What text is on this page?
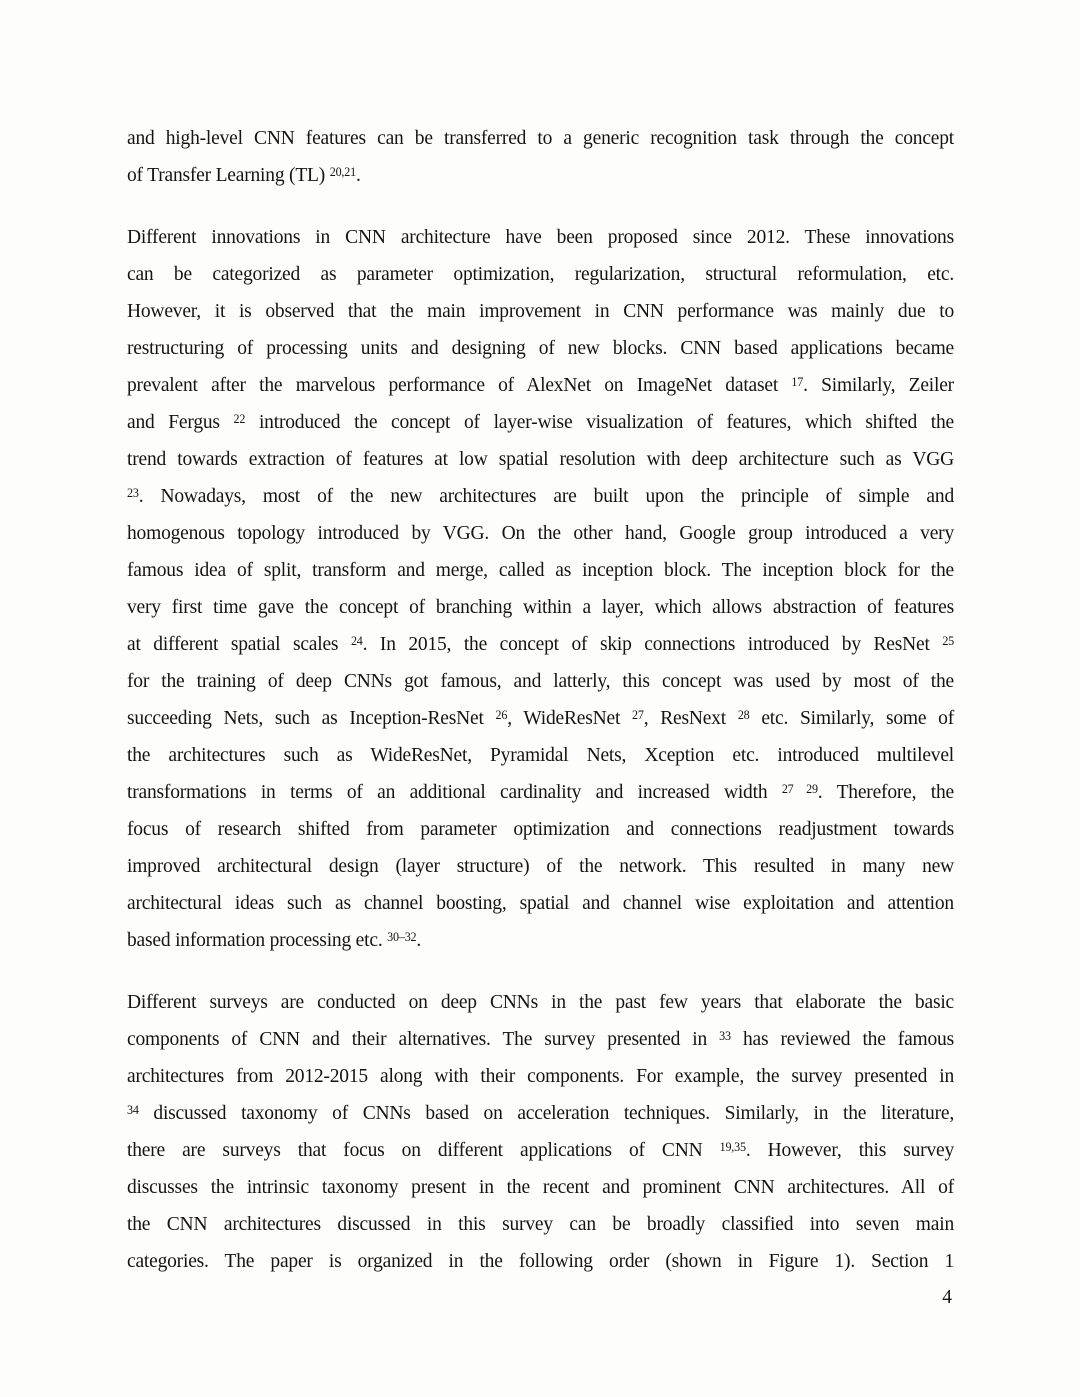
and high-level CNN features can be transferred to a generic recognition task through the concept
of Transfer Learning (TL) $^{20,21}$.
Different innovations in CNN architecture have been proposed since 2012. These innovations
can be categorized as parameter optimization, regularization, structural reformulation, etc.
However, it is observed that the main improvement in CNN performance was mainly due to
restructuring of processing units and designing of new blocks. CNN based applications became
prevalent after the marvelous performance of AlexNet on ImageNet dataset $^{17}$. Similarly, Zeiler
and Fergus $^{22}$ introduced the concept of layer-wise visualization of features, which shifted the
trend towards extraction of features at low spatial resolution with deep architecture such as VGG
$^{23}$. Nowadays, most of the new architectures are built upon the principle of simple and
homogenous topology introduced by VGG. On the other hand, Google group introduced a very
famous idea of split, transform and merge, called as inception block. The inception block for the
very first time gave the concept of branching within a layer, which allows abstraction of features
at different spatial scales $^{24}$. In 2015, the concept of skip connections introduced by ResNet $^{25}$
for the training of deep CNNs got famous, and latterly, this concept was used by most of the
succeeding Nets, such as Inception-ResNet $^{26}$, WideResNet $^{27}$, ResNext $^{28}$ etc. Similarly, some of
the architectures such as WideResNet, Pyramidal Nets, Xception etc. introduced multilevel
transformations in terms of an additional cardinality and increased width $^{27 29}$. Therefore, the
focus of research shifted from parameter optimization and connections readjustment towards
improved architectural design (layer structure) of the network. This resulted in many new
architectural ideas such as channel boosting, spatial and channel wise exploitation and attention
based information processing etc. $^{30-32}$.
Different surveys are conducted on deep CNNs in the past few years that elaborate the basic
components of CNN and their alternatives. The survey presented in $^{33}$ has reviewed the famous
architectures from 2012-2015 along with their components. For example, the survey presented in
$^{34}$ discussed taxonomy of CNNs based on acceleration techniques. Similarly, in the literature,
there are surveys that focus on different applications of CNN $^{19,35}$. However, this survey
discusses the intrinsic taxonomy present in the recent and prominent CNN architectures. All of
the CNN architectures discussed in this survey can be broadly classified into seven main
categories. The paper is organized in the following order (shown in Figure 1). Section 1
4
